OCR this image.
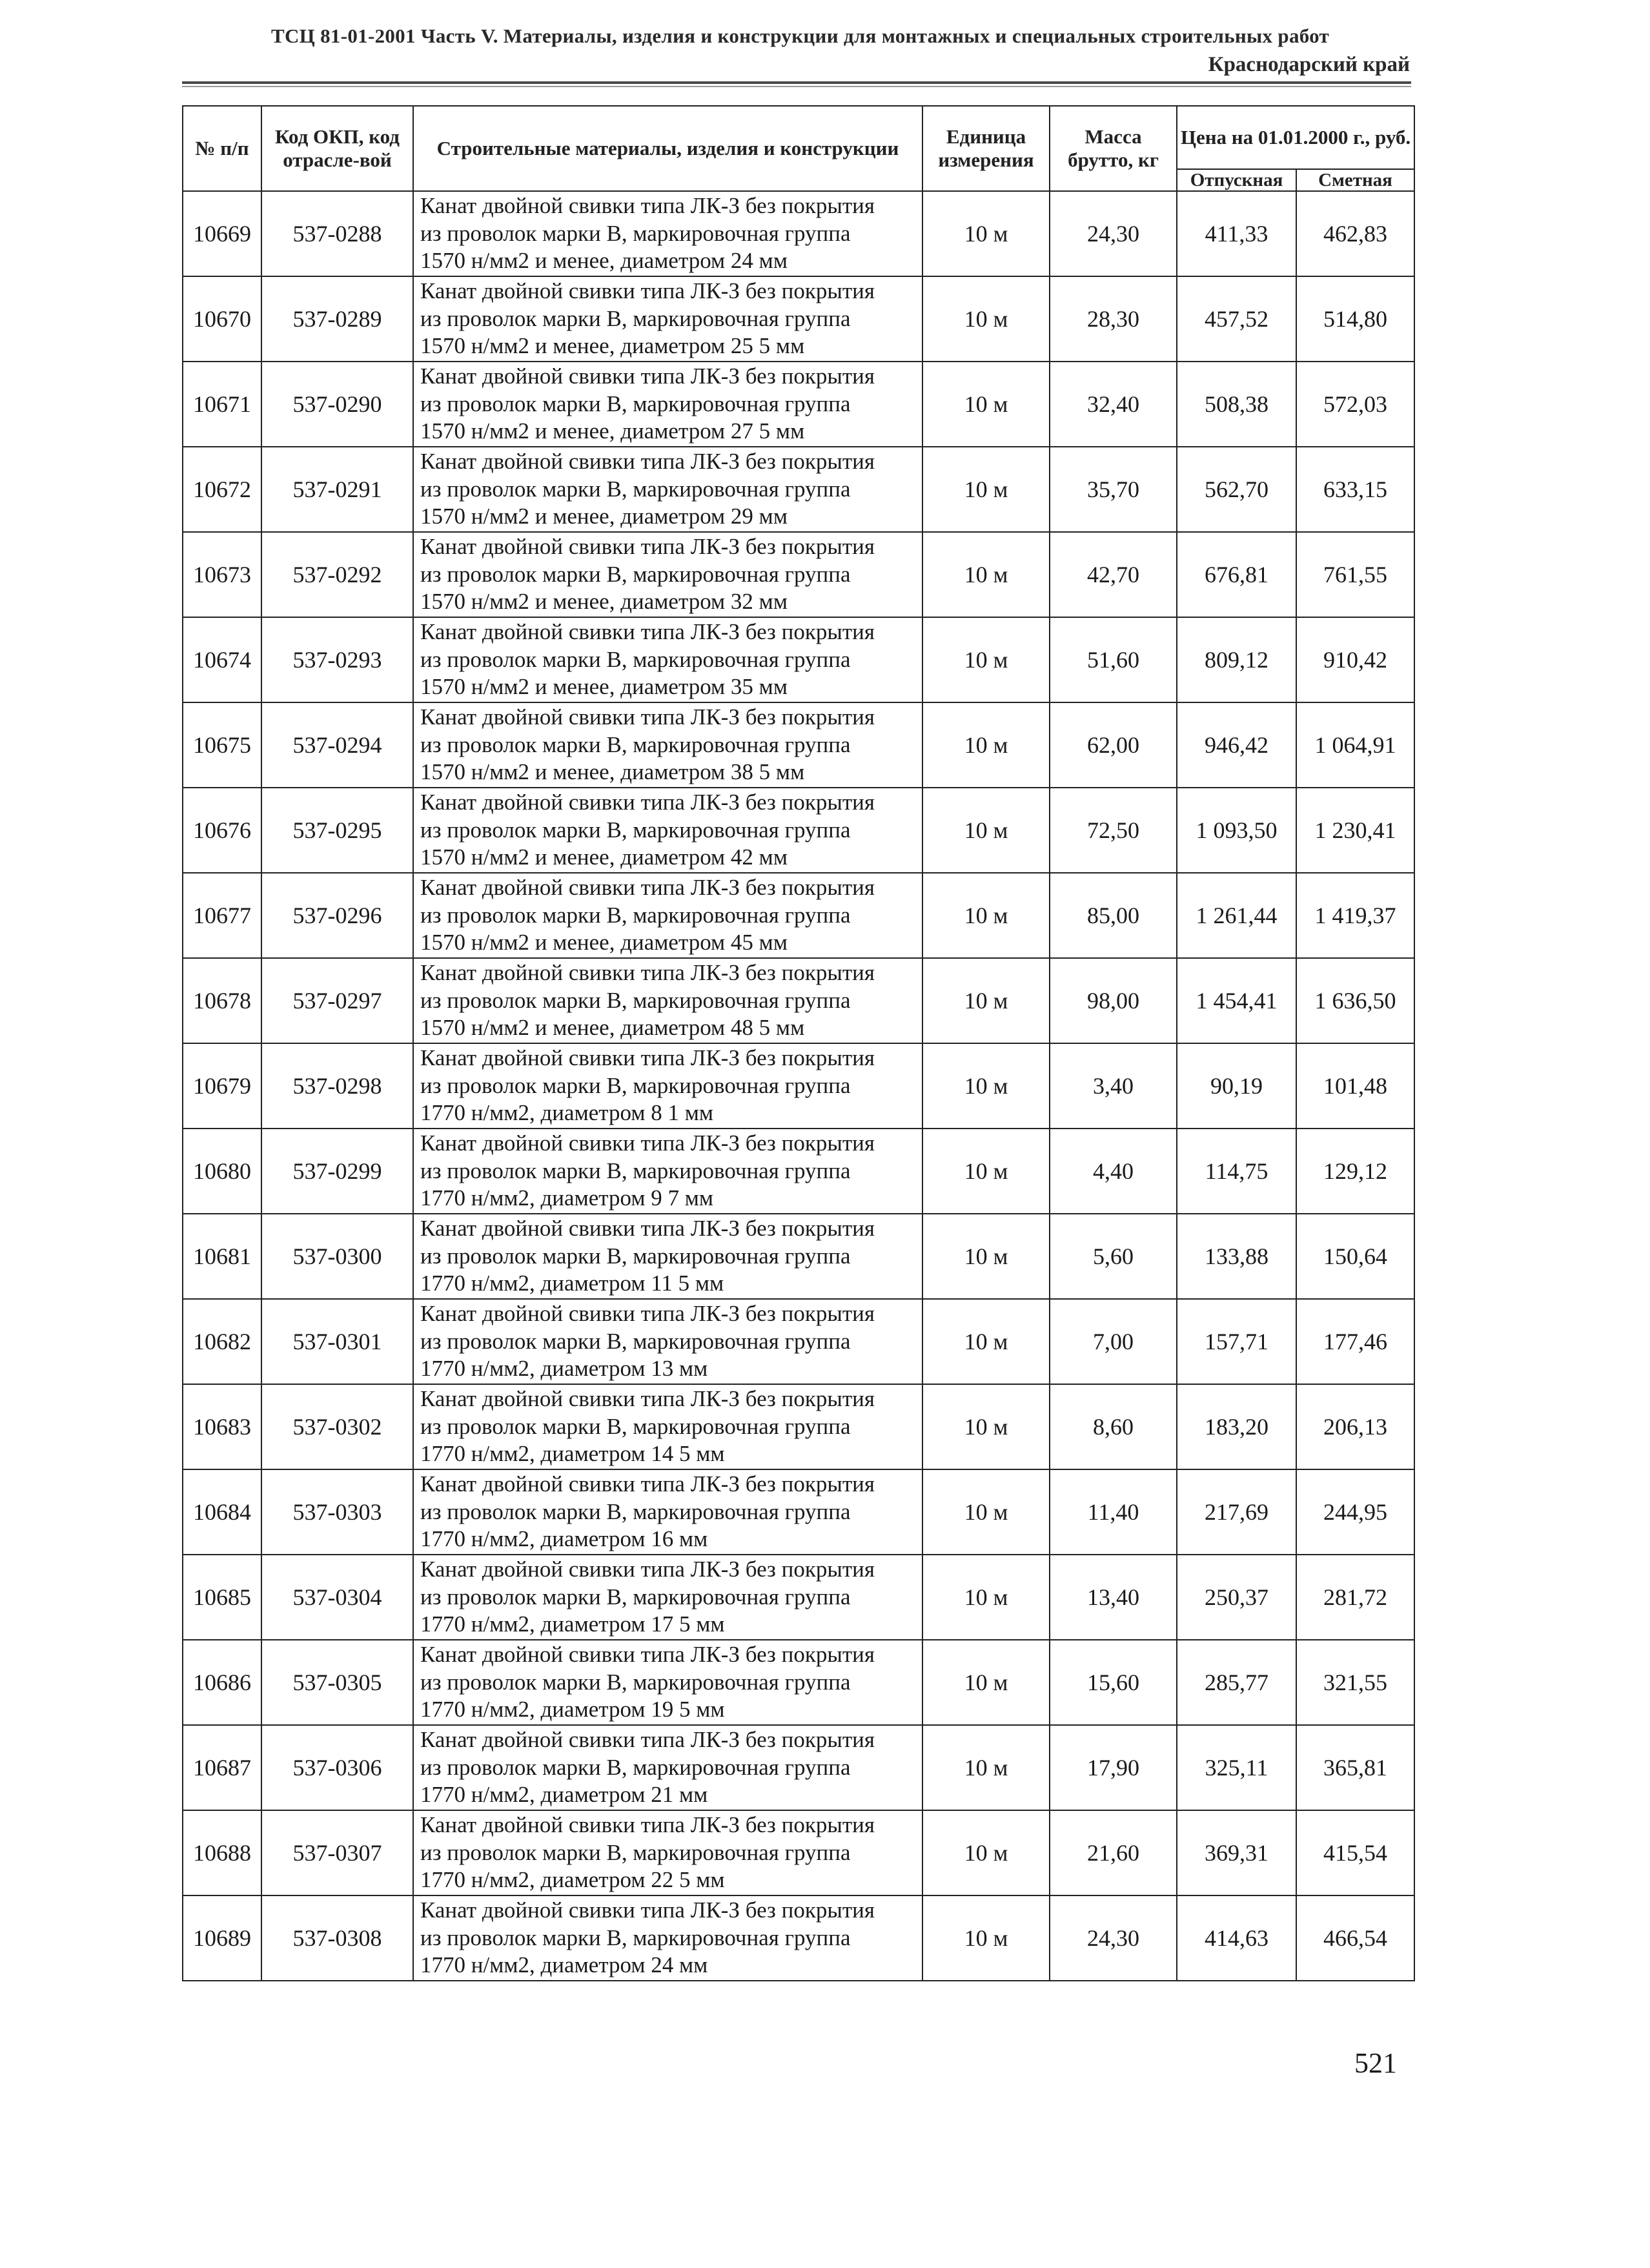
ТСЦ 81-01-2001 Часть V. Материалы, изделия и конструкции для монтажных и специальных строительных работ
Краснодарский край
№ п/п	Код ОКП, код отрасле-вой	Строительные материалы, изделия и конструкции	Единица измерения	Масса брутто, кг	Цена на 01.01.2000 г., руб.	
					Отпускная	Сметная
10669	537-0288	Канат двойной свивки типа ЛК-З без покрытия
из проволок марки В, маркировочная группа
1570 н/мм2 и менее, диаметром 24 мм	10 м	24,30	411,33	462,83
10670	537-0289	Канат двойной свивки типа ЛК-З без покрытия
из проволок марки В, маркировочная группа
1570 н/мм2 и менее, диаметром 25 5 мм	10 м	28,30	457,52	514,80
10671	537-0290	Канат двойной свивки типа ЛК-З без покрытия
из проволок марки В, маркировочная группа
1570 н/мм2 и менее, диаметром 27 5 мм	10 м	32,40	508,38	572,03
10672	537-0291	Канат двойной свивки типа ЛК-З без покрытия
из проволок марки В, маркировочная группа
1570 н/мм2 и менее, диаметром 29 мм	10 м	35,70	562,70	633,15
10673	537-0292	Канат двойной свивки типа ЛК-З без покрытия
из проволок марки В, маркировочная группа
1570 н/мм2 и менее, диаметром 32 мм	10 м	42,70	676,81	761,55
10674	537-0293	Канат двойной свивки типа ЛК-З без покрытия
из проволок марки В, маркировочная группа
1570 н/мм2 и менее, диаметром 35 мм	10 м	51,60	809,12	910,42
10675	537-0294	Канат двойной свивки типа ЛК-З без покрытия
из проволок марки В, маркировочная группа
1570 н/мм2 и менее, диаметром 38 5 мм	10 м	62,00	946,42	1 064,91
10676	537-0295	Канат двойной свивки типа ЛК-З без покрытия
из проволок марки В, маркировочная группа
1570 н/мм2 и менее, диаметром 42 мм	10 м	72,50	1 093,50	1 230,41
10677	537-0296	Канат двойной свивки типа ЛК-З без покрытия
из проволок марки В, маркировочная группа
1570 н/мм2 и менее, диаметром 45 мм	10 м	85,00	1 261,44	1 419,37
10678	537-0297	Канат двойной свивки типа ЛК-З без покрытия
из проволок марки В, маркировочная группа
1570 н/мм2 и менее, диаметром 48 5 мм	10 м	98,00	1 454,41	1 636,50
10679	537-0298	Канат двойной свивки типа ЛК-З без покрытия
из проволок марки В, маркировочная группа
1770 н/мм2, диаметром 8 1 мм	10 м	3,40	90,19	101,48
10680	537-0299	Канат двойной свивки типа ЛК-З без покрытия
из проволок марки В, маркировочная группа
1770 н/мм2, диаметром 9 7 мм	10 м	4,40	114,75	129,12
10681	537-0300	Канат двойной свивки типа ЛК-З без покрытия
из проволок марки В, маркировочная группа
1770 н/мм2, диаметром 11 5 мм	10 м	5,60	133,88	150,64
10682	537-0301	Канат двойной свивки типа ЛК-З без покрытия
из проволок марки В, маркировочная группа
1770 н/мм2, диаметром 13 мм	10 м	7,00	157,71	177,46
10683	537-0302	Канат двойной свивки типа ЛК-З без покрытия
из проволок марки В, маркировочная группа
1770 н/мм2, диаметром 14 5 мм	10 м	8,60	183,20	206,13
10684	537-0303	Канат двойной свивки типа ЛК-З без покрытия
из проволок марки В, маркировочная группа
1770 н/мм2, диаметром 16 мм	10 м	11,40	217,69	244,95
10685	537-0304	Канат двойной свивки типа ЛК-З без покрытия
из проволок марки В, маркировочная группа
1770 н/мм2, диаметром 17 5 мм	10 м	13,40	250,37	281,72
10686	537-0305	Канат двойной свивки типа ЛК-З без покрытия
из проволок марки В, маркировочная группа
1770 н/мм2, диаметром 19 5 мм	10 м	15,60	285,77	321,55
10687	537-0306	Канат двойной свивки типа ЛК-З без покрытия
из проволок марки В, маркировочная группа
1770 н/мм2, диаметром 21 мм	10 м	17,90	325,11	365,81
10688	537-0307	Канат двойной свивки типа ЛК-З без покрытия
из проволок марки В, маркировочная группа
1770 н/мм2, диаметром 22 5 мм	10 м	21,60	369,31	415,54
10689	537-0308	Канат двойной свивки типа ЛК-З без покрытия
из проволок марки В, маркировочная группа
1770 н/мм2, диаметром 24 мм	10 м	24,30	414,63	466,54
521
